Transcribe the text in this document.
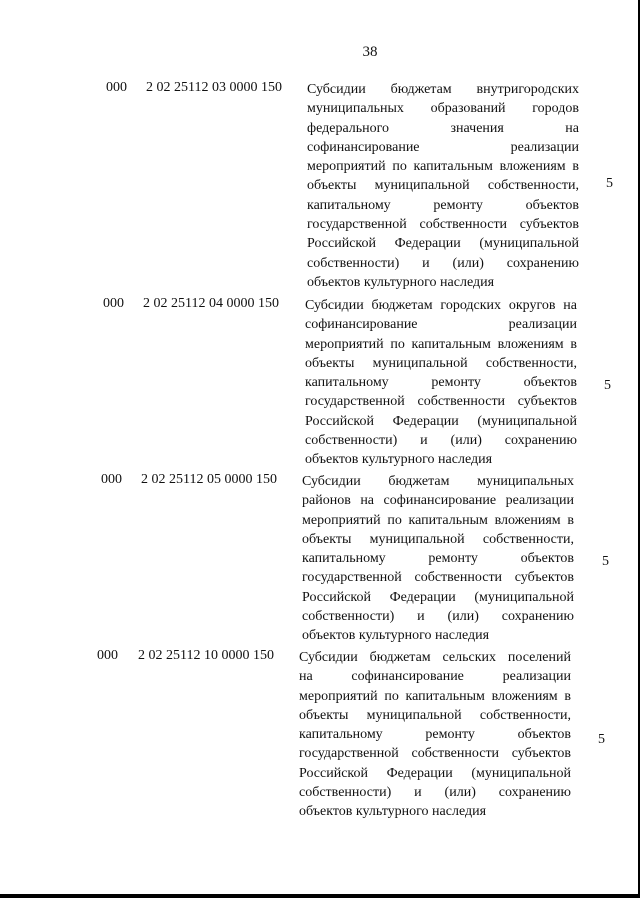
38
000 2 02 25112 03 0000 150 Субсидии бюджетам внутригородских
муниципальных образований городов
федерального значения на
софинансирование реализации
мероприятий по капитальным вложениям в
объекты муниципальной собственности,
капитальному ремонту объектов
государственной собственности субъектов
Российской Федерации (муниципальной
собственности) и (или) сохранению
объектов культурного наследия
5
000 2 02 25112 04 0000 150 Субсидии бюджетам городских округов на
софинансирование реализации
мероприятий по капитальным вложениям в
объекты муниципальной собственности,
капитальному ремонту объектов
государственной собственности субъектов
Российской Федерации (муниципальной
собственности) и (или) сохранению
объектов культурного наследия
5
000 2 02 25112 05 0000 150 Субсидии бюджетам муниципальных
районов на софинансирование реализации
мероприятий по капитальным вложениям в
объекты муниципальной собственности,
капитальному ремонту объектов
государственной собственности субъектов
Российской Федерации (муниципальной
собственности) и (или) сохранению
объектов культурного наследия
5
000 2 02 25112 10 0000 150 Субсидии бюджетам сельских поселений
на софинансирование реализации
мероприятий по капитальным вложениям в
объекты муниципальной собственности,
капитальному ремонту объектов
государственной собственности субъектов
Российской Федерации (муниципальной
собственности) и (или) сохранению
объектов культурного наследия
5
